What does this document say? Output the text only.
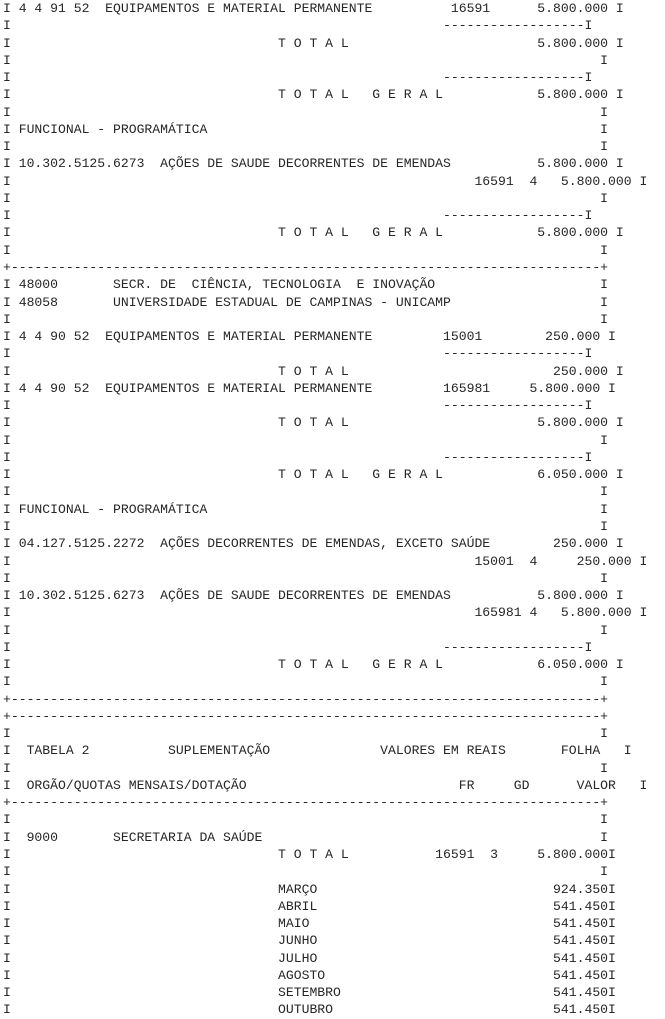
I 4 4 91 52  EQUIPAMENTOS E MATERIAL PERMANENTE          16591      5.800.000 I
I                                                       ------------------I
I                                  T O T A L                        5.800.000 I
I                                                                           I
I                                                       ------------------I
I                                  T O T A L   G E R A L            5.800.000 I
I                                                                           I
I FUNCIONAL - PROGRAMÁTICA                                                  I
I                                                                           I
I 10.302.5125.6273  AÇÕES DE SAUDE DECORRENTES DE EMENDAS           5.800.000 I
I                                                           16591  4   5.800.000 I
I                                                                           I
I                                                       ------------------I
I                                  T O T A L   G E R A L            5.800.000 I
I                                                                           I
+---------------------------------------------------------------------------+
I 48000       SECR. DE  CIÊNCIA, TECNOLOGIA  E INOVAÇÃO                     I
I 48058       UNIVERSIDADE ESTADUAL DE CAMPINAS - UNICAMP                   I
I                                                                           I
I 4 4 90 52  EQUIPAMENTOS E MATERIAL PERMANENTE         15001        250.000 I
I                                                       ------------------I
I                                  T O T A L                          250.000 I
I 4 4 90 52  EQUIPAMENTOS E MATERIAL PERMANENTE         165981     5.800.000 I
I                                                       ------------------I
I                                  T O T A L                        5.800.000 I
I                                                                           I
I                                                       ------------------I
I                                  T O T A L   G E R A L            6.050.000 I
I                                                                           I
I FUNCIONAL - PROGRAMÁTICA                                                  I
I                                                                           I
I 04.127.5125.2272  AÇÕES DECORRENTES DE EMENDAS, EXCETO SAÚDE        250.000 I
I                                                           15001  4     250.000 I
I                                                                           I
I 10.302.5125.6273  AÇÕES DE SAUDE DECORRENTES DE EMENDAS           5.800.000 I
I                                                           165981 4   5.800.000 I
I                                                                           I
I                                                       ------------------I
I                                  T O T A L   G E R A L            6.050.000 I
I                                                                           I
+---------------------------------------------------------------------------+
+---------------------------------------------------------------------------+
I                                                                           I
I  TABELA 2          SUPLEMENTAÇÃO              VALORES EM REAIS       FOLHA   I
I                                                                           I
I  ORGÃO/QUOTAS MENSAIS/DOTAÇÃO                           FR     GD      VALOR   I
+---------------------------------------------------------------------------+
I                                                                           I
I  9000       SECRETARIA DA SAÚDE                                           I
I                                  T O T A L           16591  3     5.800.000I
I                                                                           I
I                                  MARÇO                              924.350I
I                                  ABRIL                              541.450I
I                                  MAIO                               541.450I
I                                  JUNHO                              541.450I
I                                  JULHO                              541.450I
I                                  AGOSTO                             541.450I
I                                  SETEMBRO                           541.450I
I                                  OUTUBRO                            541.450I
